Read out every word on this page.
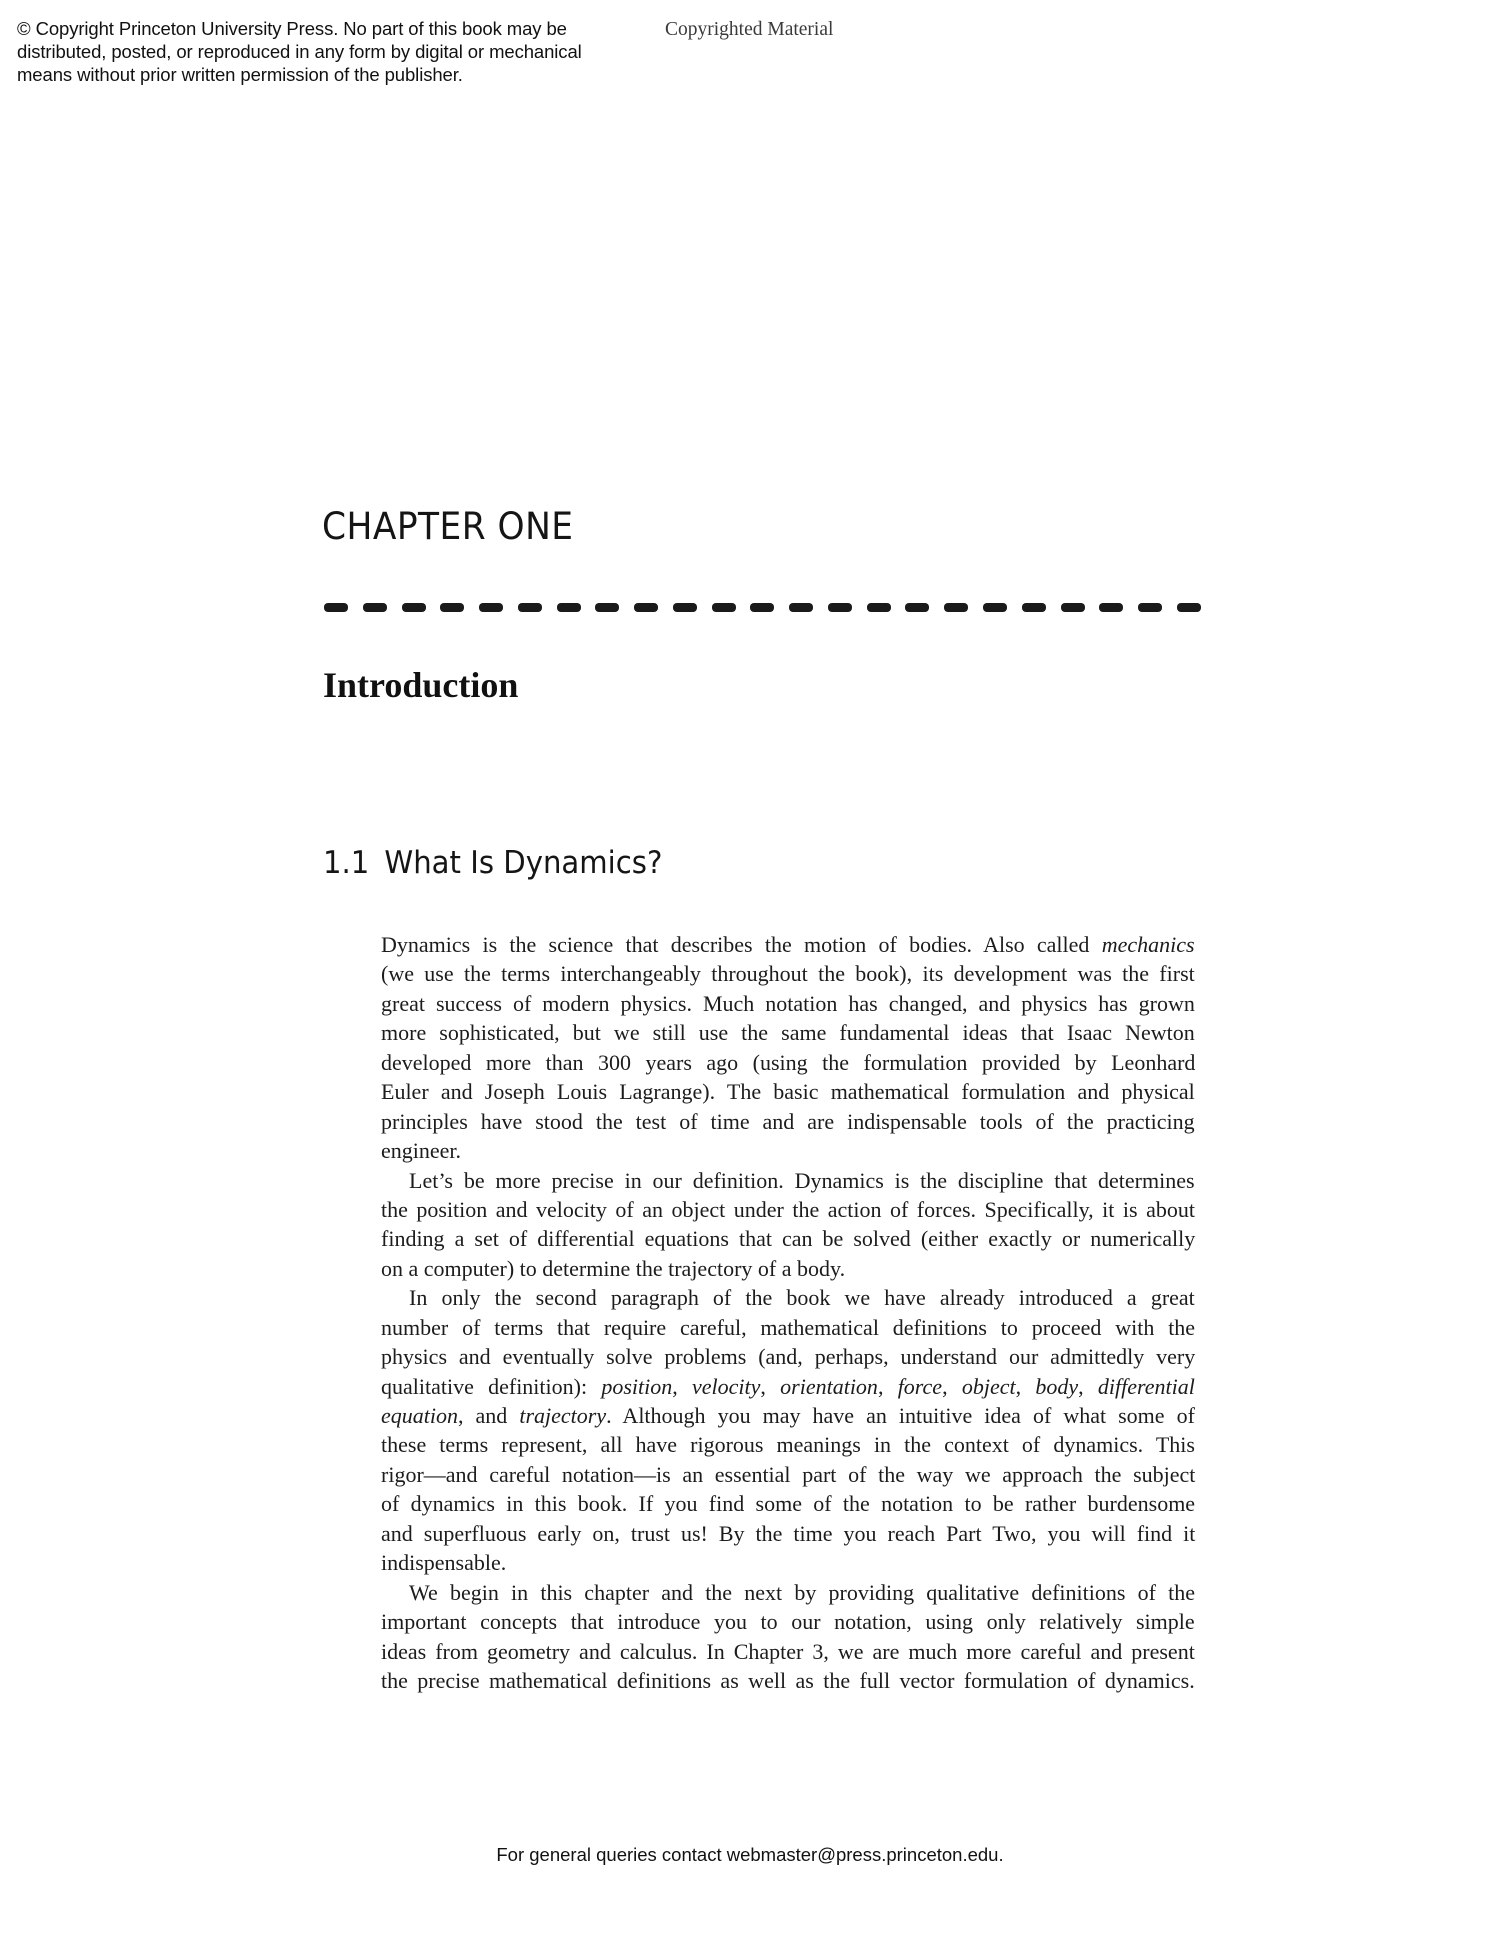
© Copyright Princeton University Press. No part of this book may be
distributed, posted, or reproduced in any form by digital or mechanical
means without prior written permission of the publisher.
Copyrighted Material
CHAPTER ONE
Introduction
1.1 What Is Dynamics?
Dynamics is the science that describes the motion of bodies. Also called mechanics
(we use the terms interchangeably throughout the book), its development was the first
great success of modern physics. Much notation has changed, and physics has grown
more sophisticated, but we still use the same fundamental ideas that Isaac Newton
developed more than 300 years ago (using the formulation provided by Leonhard
Euler and Joseph Louis Lagrange). The basic mathematical formulation and physical
principles have stood the test of time and are indispensable tools of the practicing
engineer.
Let’s be more precise in our definition. Dynamics is the discipline that determines
the position and velocity of an object under the action of forces. Specifically, it is about
finding a set of differential equations that can be solved (either exactly or numerically
on a computer) to determine the trajectory of a body.
In only the second paragraph of the book we have already introduced a great
number of terms that require careful, mathematical definitions to proceed with the
physics and eventually solve problems (and, perhaps, understand our admittedly very
qualitative definition): position, velocity, orientation, force, object, body, differential
equation, and trajectory. Although you may have an intuitive idea of what some of
these terms represent, all have rigorous meanings in the context of dynamics. This
rigor—and careful notation—is an essential part of the way we approach the subject
of dynamics in this book. If you find some of the notation to be rather burdensome
and superfluous early on, trust us! By the time you reach Part Two, you will find it
indispensable.
We begin in this chapter and the next by providing qualitative definitions of the
important concepts that introduce you to our notation, using only relatively simple
ideas from geometry and calculus. In Chapter 3, we are much more careful and present
the precise mathematical definitions as well as the full vector formulation of dynamics.
For general queries contact webmaster@press.princeton.edu.
